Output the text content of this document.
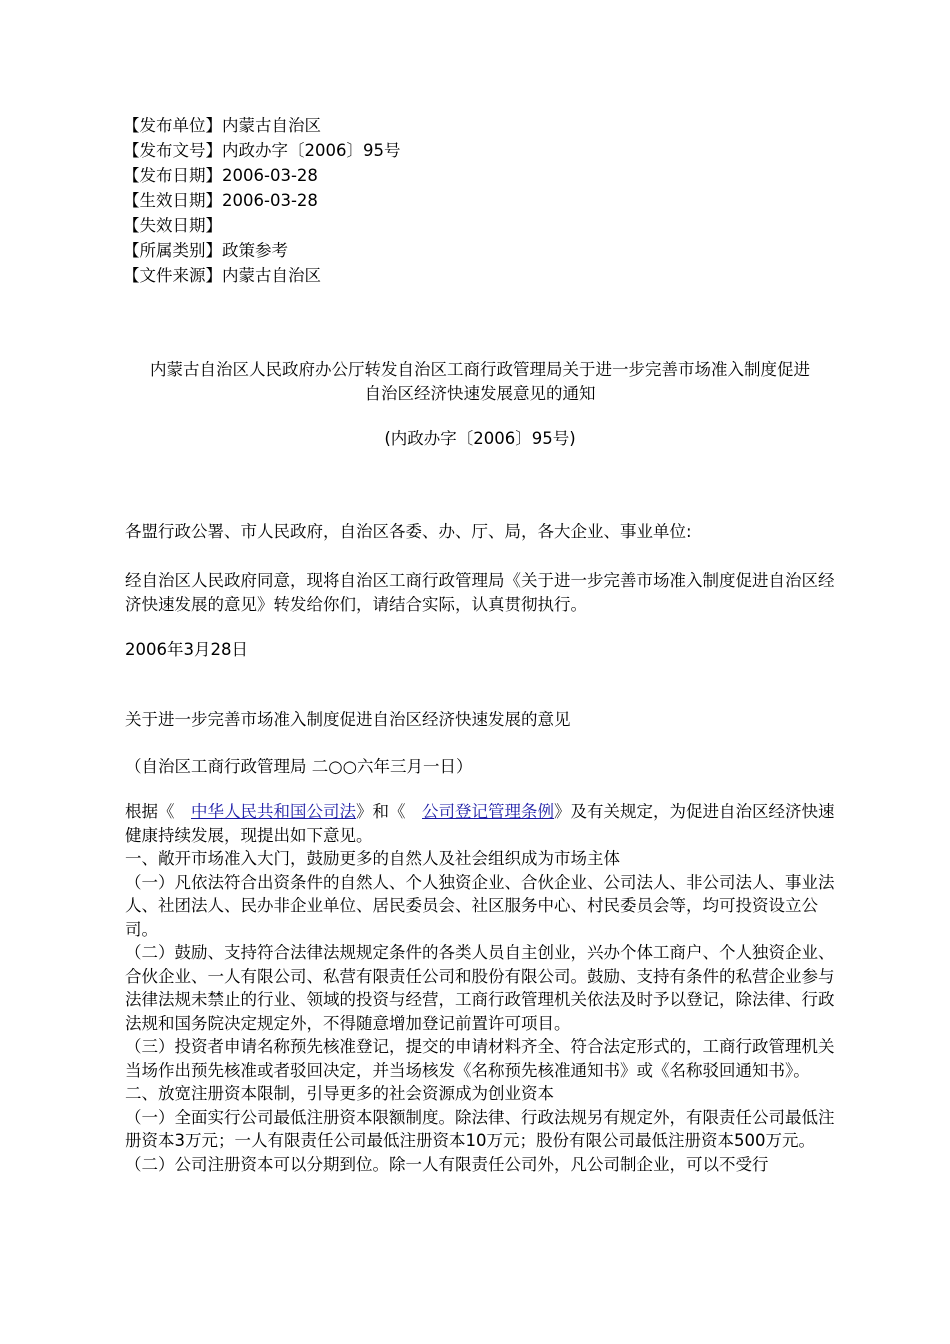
【发布单位】内蒙古自治区
【发布文号】内政办字〔2006〕95号
【发布日期】2006-03-28
【生效日期】2006-03-28
【失效日期】
【所属类别】政策参考
【文件来源】内蒙古自治区
内蒙古自治区人民政府办公厅转发自治区工商行政管理局关于进一步完善市场准入制度促进
自治区经济快速发展意见的通知
(内政办字〔2006〕95号)
各盟行政公署、市人民政府，自治区各委、办、厅、局，各大企业、事业单位:
经自治区人民政府同意，现将自治区工商行政管理局《关于进一步完善市场准入制度促进自治区经济快速发展的意见》转发给你们，请结合实际，认真贯彻执行。
2006年3月28日
关于进一步完善市场准入制度促进自治区经济快速发展的意见
（自治区工商行政管理局 二○○六年三月一日）

根据《　中华人民共和国公司法》和《　公司登记管理条例》及有关规定，为促进自治区经济快速健康持续发展，现提出如下意见。

一、敞开市场准入大门，鼓励更多的自然人及社会组织成为市场主体

（一）凡依法符合出资条件的自然人、个人独资企业、合伙企业、公司法人、非公司法人、事业法人、社团法人、民办非企业单位、居民委员会、社区服务中心、村民委员会等，均可投资设立公司。

（二）鼓励、支持符合法律法规规定条件的各类人员自主创业，兴办个体工商户、个人独资企业、合伙企业、一人有限公司、私营有限责任公司和股份有限公司。鼓励、支持有条件的私营企业参与法律法规未禁止的行业、领域的投资与经营，工商行政管理机关依法及时予以登记，除法律、行政法规和国务院决定规定外，不得随意增加登记前置许可项目。

（三）投资者申请名称预先核准登记，提交的申请材料齐全、符合法定形式的，工商行政管理机关当场作出预先核准或者驳回决定，并当场核发《名称预先核准通知书》或《名称驳回通知书》。

二、放宽注册资本限制，引导更多的社会资源成为创业资本

（一）全面实行公司最低注册资本限额制度。除法律、行政法规另有规定外，有限责任公司最低注册资本3万元；一人有限责任公司最低注册资本10万元；股份有限公司最低注册资本500万元。

（二）公司注册资本可以分期到位。除一人有限责任公司外，凡公司制企业，可以不受行
